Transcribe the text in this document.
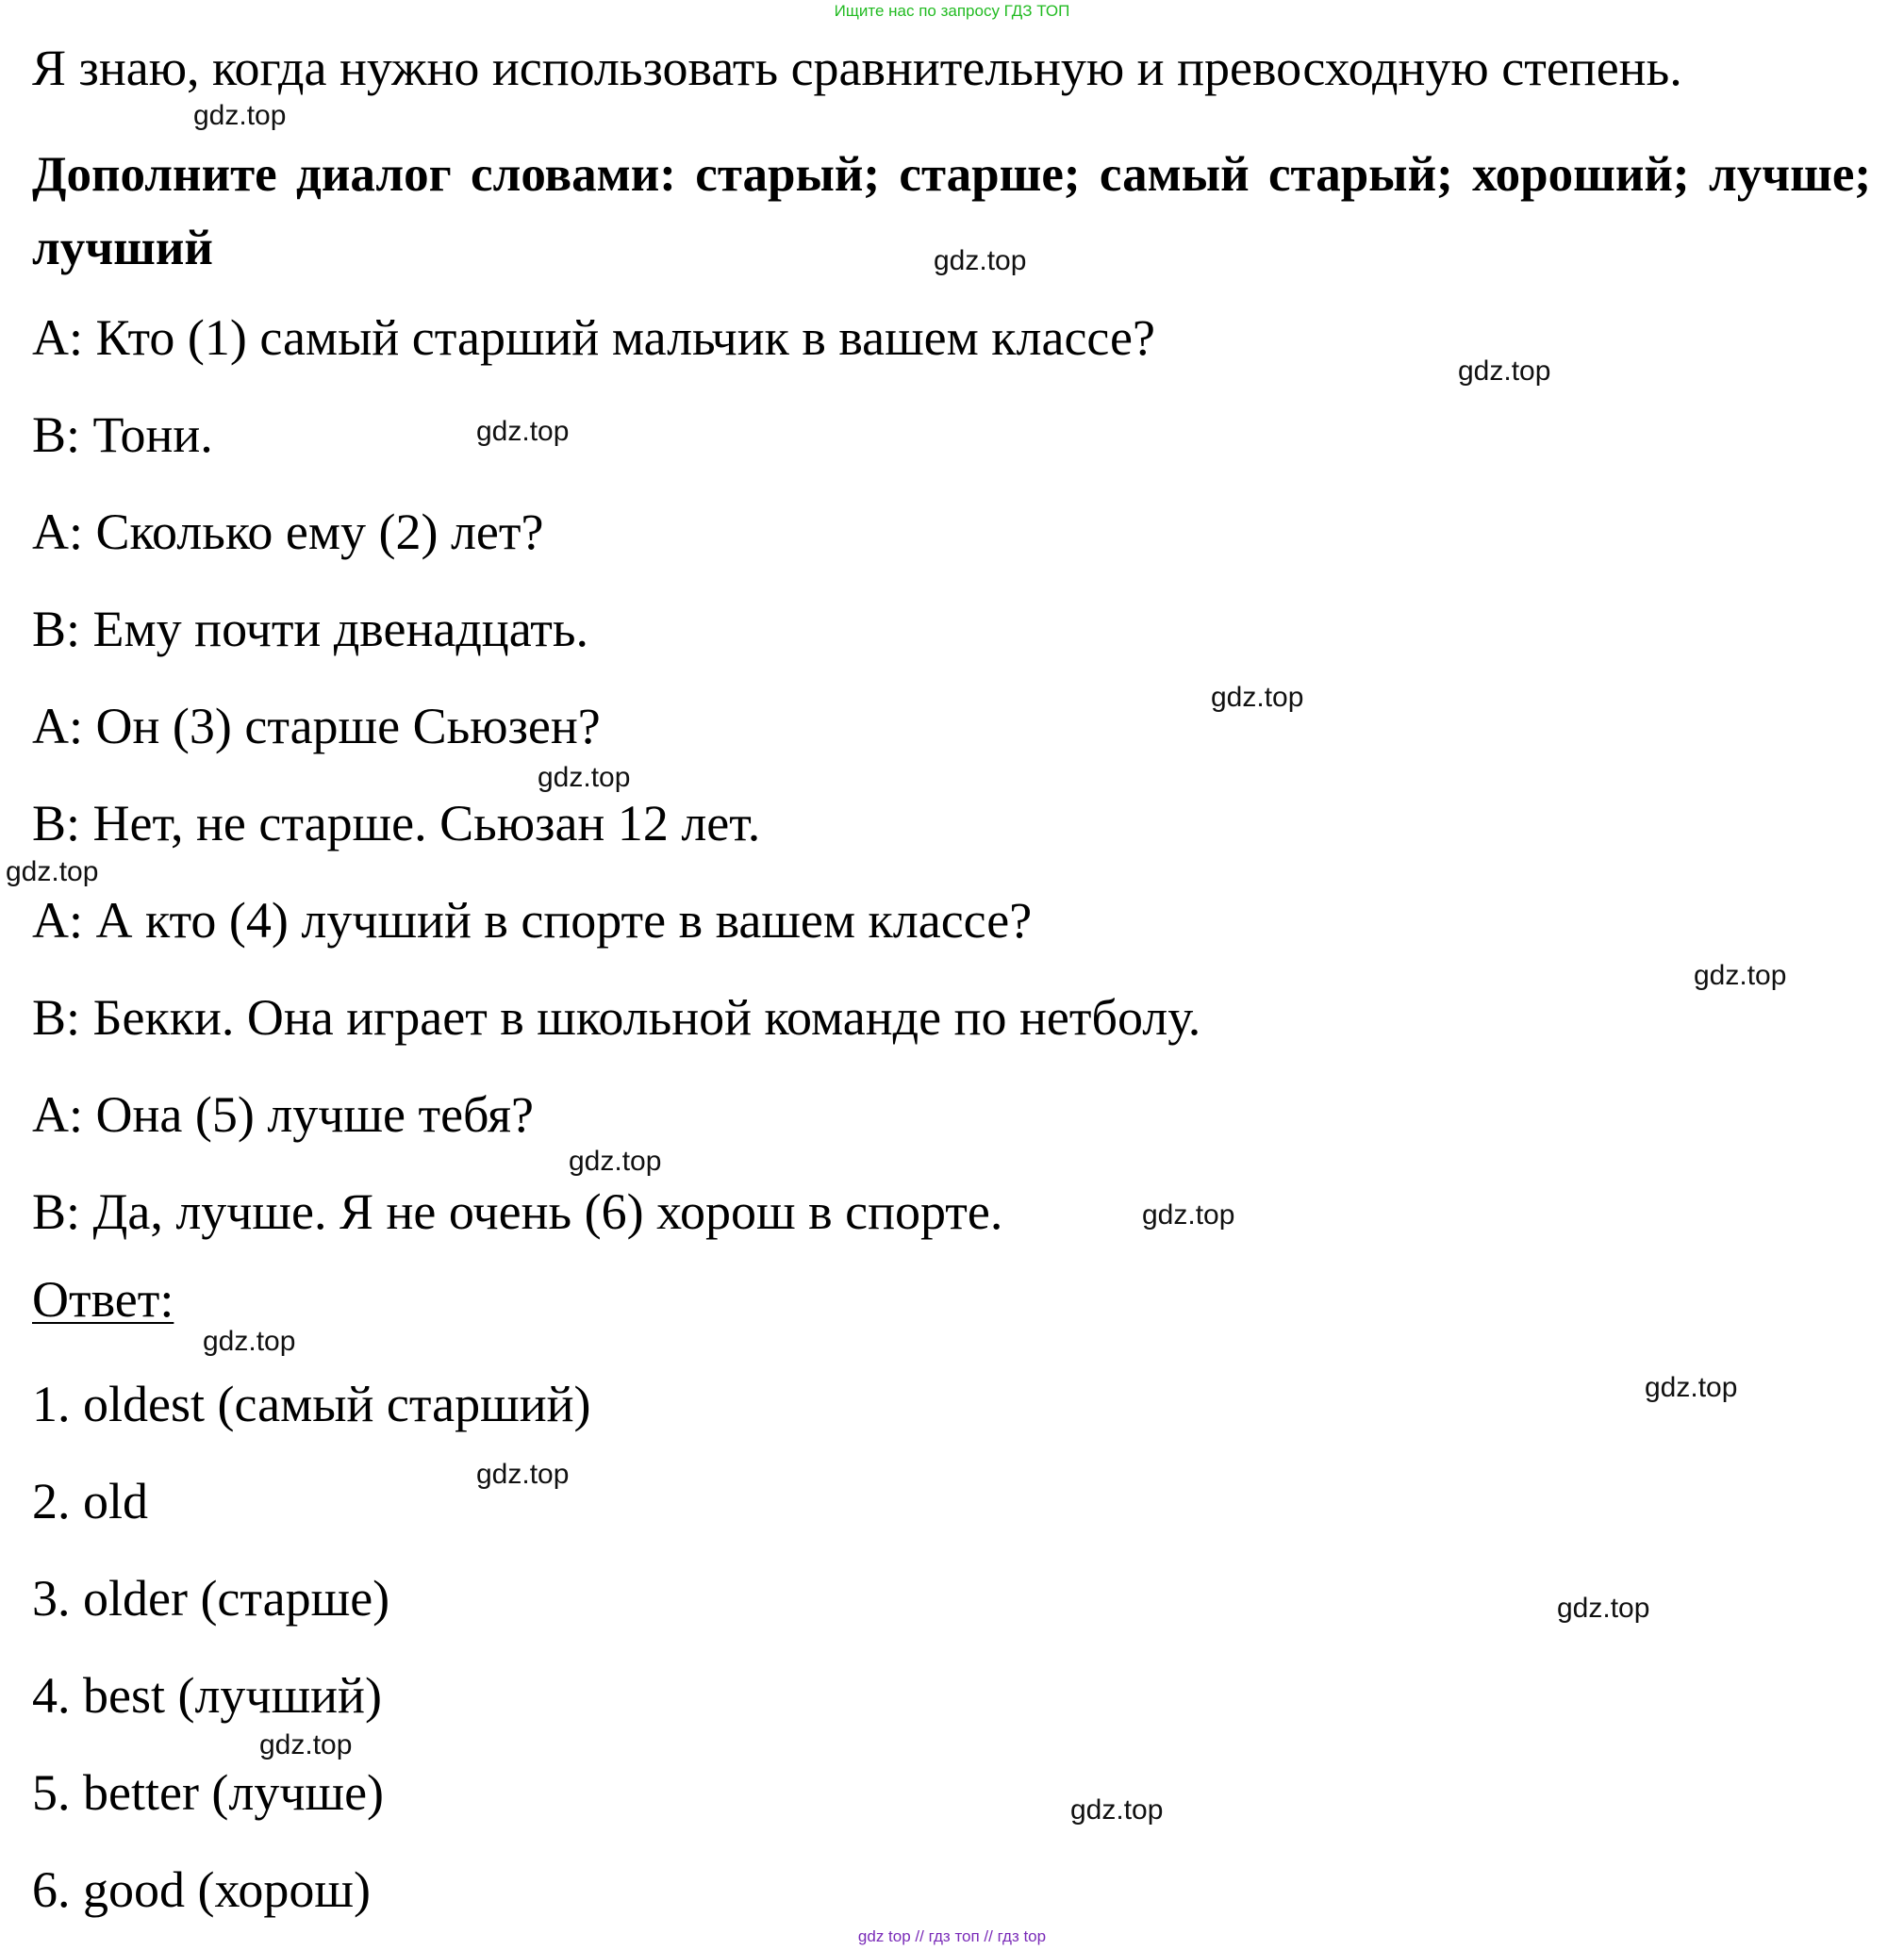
Ищите нас по запросу ГДЗ ТОП
Я знаю, когда нужно использовать сравнительную и превосходную степень.
Дополните диалог словами: старый; старше; самый старый; хороший; лучше; лучший
А: Кто (1) самый старший мальчик в вашем классе?
В: Тони.
А: Сколько ему (2) лет?
В: Ему почти двенадцать.
А: Он (3) старше Сьюзен?
В: Нет, не старше. Сьюзан 12 лет.
А: А кто (4) лучший в спорте в вашем классе?
В: Бекки. Она играет в школьной команде по нетболу.
А: Она (5) лучше тебя?
В: Да, лучше. Я не очень (6) хорош в спорте.
Ответ:
1. oldest (самый старший)
2. old
3. older (старше)
4. best (лучший)
5. better (лучше)
6. good (хорош)
gdz.top
gdz.top
gdz.top
gdz.top
gdz.top
gdz.top
gdz.top
gdz.top
gdz.top
gdz.top
gdz.top
gdz.top
gdz.top
gdz.top
gdz.top
gdz.top
gdz top // гдз топ // гдз top
